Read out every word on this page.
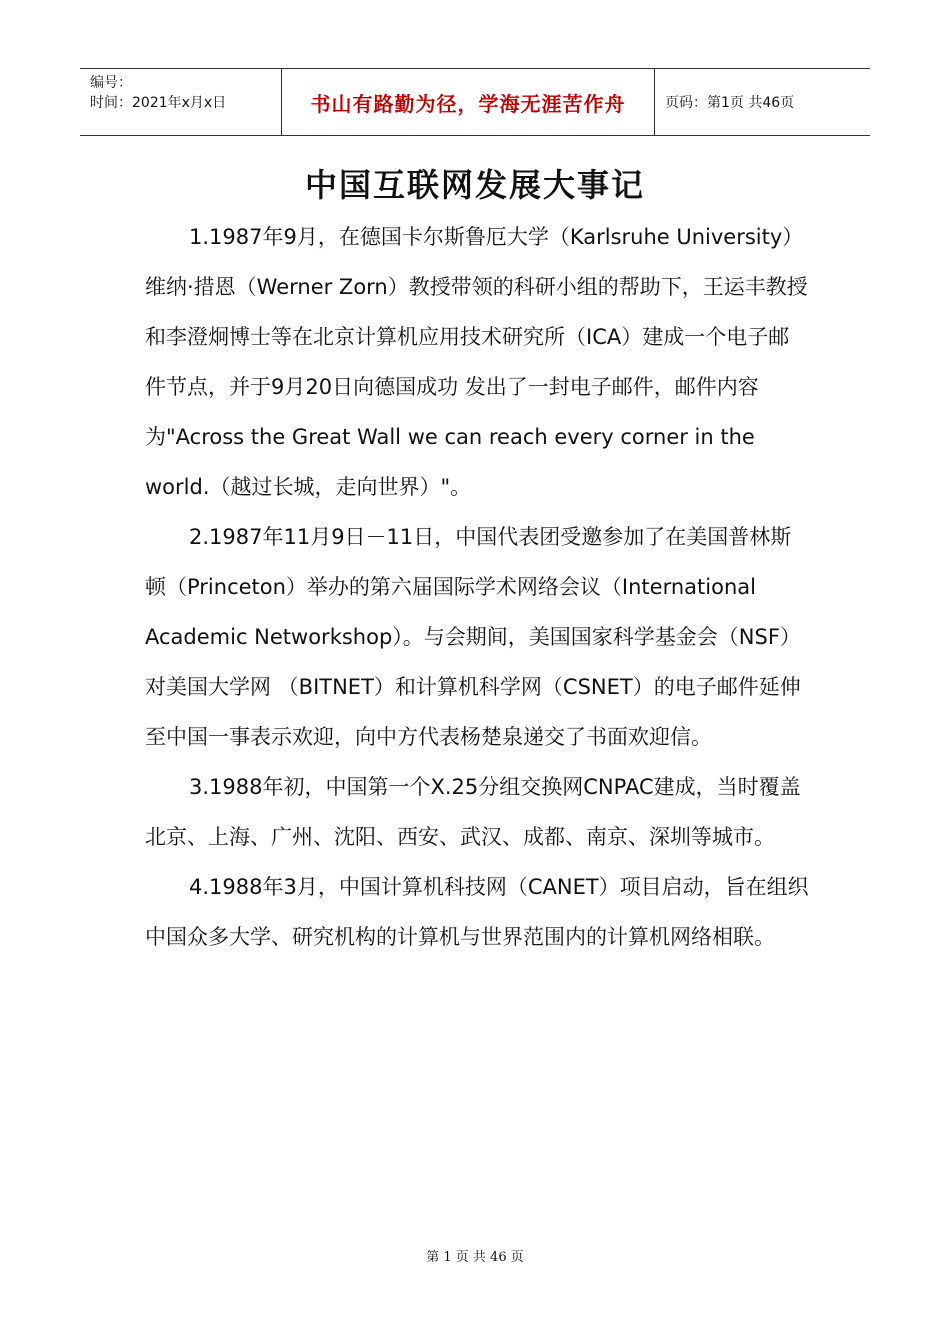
编号：
时间：2021年x月x日	书山有路勤为径，学海无涯苦作舟	页码：第1页 共46页
中国互联网发展大事记

1.1987年9月，在德国卡尔斯鲁厄大学（Karlsruhe University）维纳·措恩（Werner Zorn）教授带领的科研小组的帮助下，王运丰教授和李澄炯博士等在北京计算机应用技术研究所（ICA）建成一个电子邮件节点，并于9月20日向德国成功 发出了一封电子邮件，邮件内容为"Across the Great Wall we can reach every corner in the world.（越过长城，走向世界）"。

2.1987年11月9日－11日，中国代表团受邀参加了在美国普林斯顿（Princeton）举办的第六届国际学术网络会议（International Academic Networkshop）。与会期间，美国国家科学基金会（NSF）对美国大学网 （BITNET）和计算机科学网（CSNET）的电子邮件延伸至中国一事表示欢迎，向中方代表杨楚泉递交了书面欢迎信。

3.1988年初，中国第一个X.25分组交换网CNPAC建成，当时覆盖北京、上海、广州、沈阳、西安、武汉、成都、南京、深圳等城市。

4.1988年3月，中国计算机科技网（CANET）项目启动，旨在组织中国众多大学、研究机构的计算机与世界范围内的计算机网络相联。

第 1 页 共 46 页
